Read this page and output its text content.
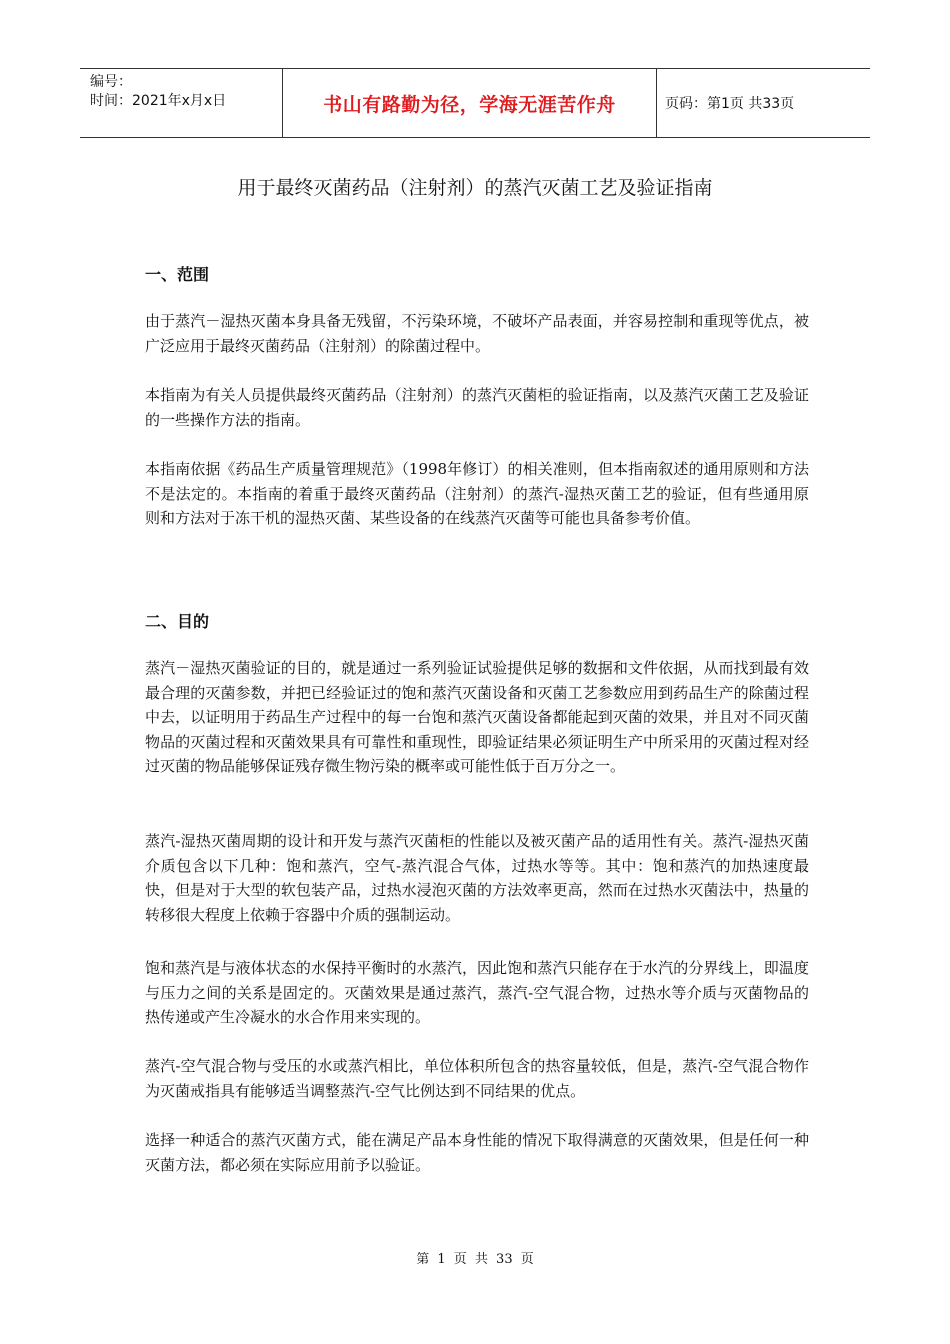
编号：
时间：2021年x月x日	书山有路勤为径，学海无涯苦作舟	页码：第1页 共33页
用于最终灭菌药品（注射剂）的蒸汽灭菌工艺及验证指南
一、范围

由于蒸汽－湿热灭菌本身具备无残留，不污染环境，不破坏产品表面，并容易控制和重现等优点，被广泛应用于最终灭菌药品（注射剂）的除菌过程中。

本指南为有关人员提供最终灭菌药品（注射剂）的蒸汽灭菌柜的验证指南，以及蒸汽灭菌工艺及验证的一些操作方法的指南。

本指南依据《药品生产质量管理规范》（1998年修订）的相关准则，但本指南叙述的通用原则和方法不是法定的。本指南的着重于最终灭菌药品（注射剂）的蒸汽-湿热灭菌工艺的验证，但有些通用原则和方法对于冻干机的湿热灭菌、某些设备的在线蒸汽灭菌等可能也具备参考价值。

二、目的

蒸汽－湿热灭菌验证的目的，就是通过一系列验证试验提供足够的数据和文件依据，从而找到最有效最合理的灭菌参数，并把已经验证过的饱和蒸汽灭菌设备和灭菌工艺参数应用到药品生产的除菌过程中去，以证明用于药品生产过程中的每一台饱和蒸汽灭菌设备都能起到灭菌的效果，并且对不同灭菌物品的灭菌过程和灭菌效果具有可靠性和重现性，即验证结果必须证明生产中所采用的灭菌过程对经过灭菌的物品能够保证残存微生物污染的概率或可能性低于百万分之一。

蒸汽-湿热灭菌周期的设计和开发与蒸汽灭菌柜的性能以及被灭菌产品的适用性有关。蒸汽-湿热灭菌介质包含以下几种：饱和蒸汽，空气-蒸汽混合气体，过热水等等。其中：饱和蒸汽的加热速度最快，但是对于大型的软包装产品，过热水浸泡灭菌的方法效率更高，然而在过热水灭菌法中，热量的转移很大程度上依赖于容器中介质的强制运动。

饱和蒸汽是与液体状态的水保持平衡时的水蒸汽，因此饱和蒸汽只能存在于水汽的分界线上，即温度与压力之间的关系是固定的。灭菌效果是通过蒸汽，蒸汽-空气混合物，过热水等介质与灭菌物品的热传递或产生冷凝水的水合作用来实现的。

蒸汽-空气混合物与受压的水或蒸汽相比，单位体积所包含的热容量较低，但是，蒸汽-空气混合物作为灭菌戒指具有能够适当调整蒸汽-空气比例达到不同结果的优点。

选择一种适合的蒸汽灭菌方式，能在满足产品本身性能的情况下取得满意的灭菌效果，但是任何一种灭菌方法，都必须在实际应用前予以验证。

第 1 页 共 33 页
